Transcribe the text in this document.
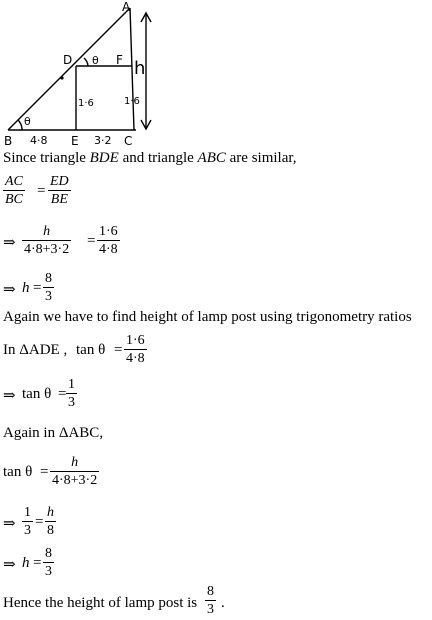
A
B	C
D
E
F
θ
θ h
4·8	3·2
1·6	1·6
Since triangle BDE and triangle ABC are similar,
AC
BC
=
ED
BE
⇒
h
4·8+3·2
=
1·6
4·8
⇒ h =
8
3
Again we have to find height of lamp post using trigonometry ratios
In ΔADE , tan θ =
1·6
4·8
⇒ tan θ =
1
3
Again in ΔABC,
tan θ =
h
4·8+3·2
⇒
1
3
=
h
8
⇒ h =
8
3
Hence the height of lamp post is
8
3 .
